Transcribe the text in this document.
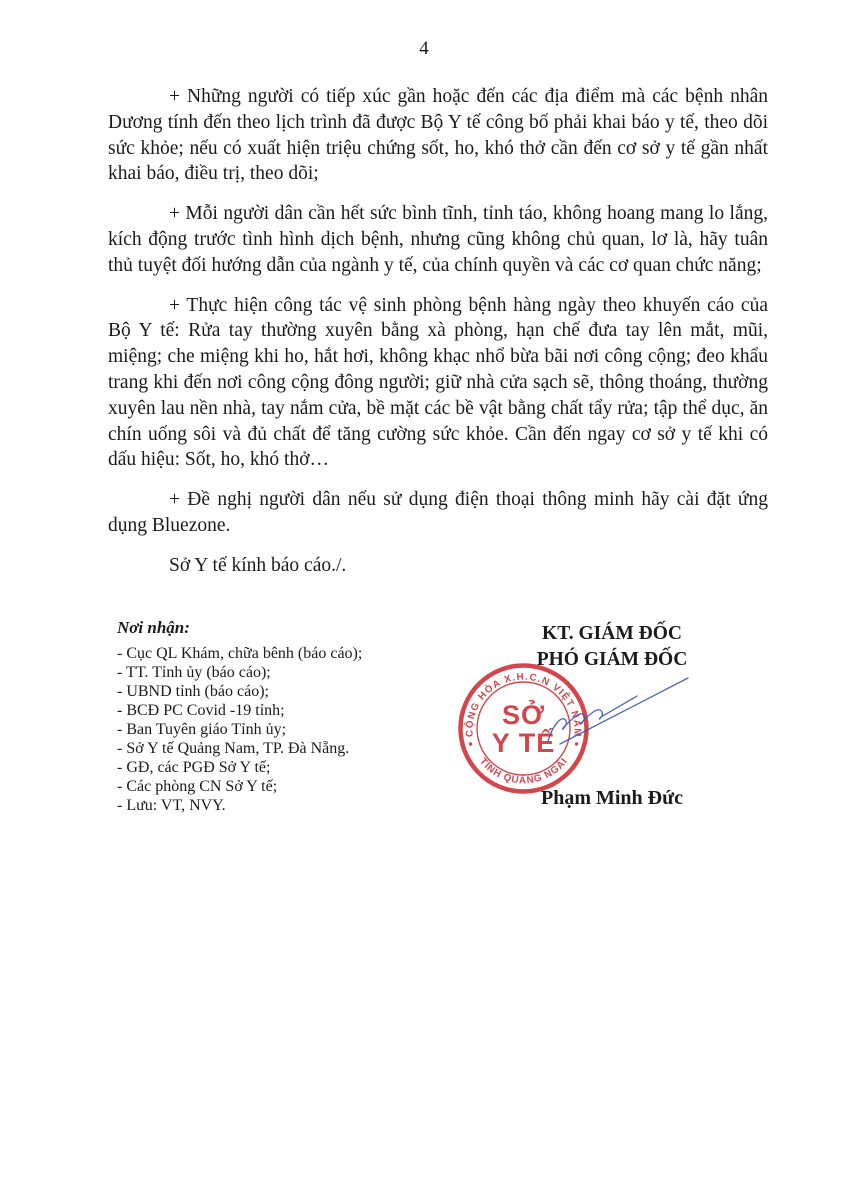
4

+ Những người có tiếp xúc gần hoặc đến các địa điểm mà các bệnh nhân Dương tính đến theo lịch trình đã được Bộ Y tế công bố phải khai báo y tế, theo dõi sức khỏe; nếu có xuất hiện triệu chứng sốt, ho, khó thở cần đến cơ sở y tế gần nhất khai báo, điều trị, theo dõi;

+ Mỗi người dân cần hết sức bình tĩnh, tỉnh táo, không hoang mang lo lắng, kích động trước tình hình dịch bệnh, nhưng cũng không chủ quan, lơ là, hãy tuân thủ tuyệt đối hướng dẫn của ngành y tế, của chính quyền và các cơ quan chức năng;

+ Thực hiện công tác vệ sinh phòng bệnh hàng ngày theo khuyến cáo của Bộ Y tế: Rửa tay thường xuyên bằng xà phòng, hạn chế đưa tay lên mắt, mũi, miệng; che miệng khi ho, hắt hơi, không khạc nhổ bừa bãi nơi công cộng; đeo khẩu trang khi đến nơi công cộng đông người; giữ nhà cửa sạch sẽ, thông thoáng, thường xuyên lau nền nhà, tay nắm cửa, bề mặt các bề vật bằng chất tẩy rửa; tập thể dục, ăn chín uống sôi và đủ chất để tăng cường sức khỏe. Cần đến ngay cơ sở y tế khi có dấu hiệu: Sốt, ho, khó thở…

+ Đề nghị người dân nếu sử dụng điện thoại thông minh hãy cài đặt ứng dụng Bluezone.

Sở Y tế kính báo cáo./.

Nơi nhận:
- Cục QL Khám, chữa bênh (báo cáo);
- TT. Tỉnh ủy (báo cáo);
- UBND tỉnh (báo cáo);
- BCĐ PC Covid -19 tỉnh;
- Ban Tuyên giáo Tỉnh ủy;
- Sở Y tế Quảng Nam, TP. Đà Nẵng.
- GĐ, các PGĐ Sở Y tế;
- Các phòng CN Sở Y tế;
- Lưu: VT, NVY.
KT. GIÁM ĐỐC
PHÓ GIÁM ĐỐC
CỘNG HÒA X.H.C.N VIỆT NAM
TỈNH QUẢNG NGÃI
SỞ
Y TẾ
Phạm Minh Đức
